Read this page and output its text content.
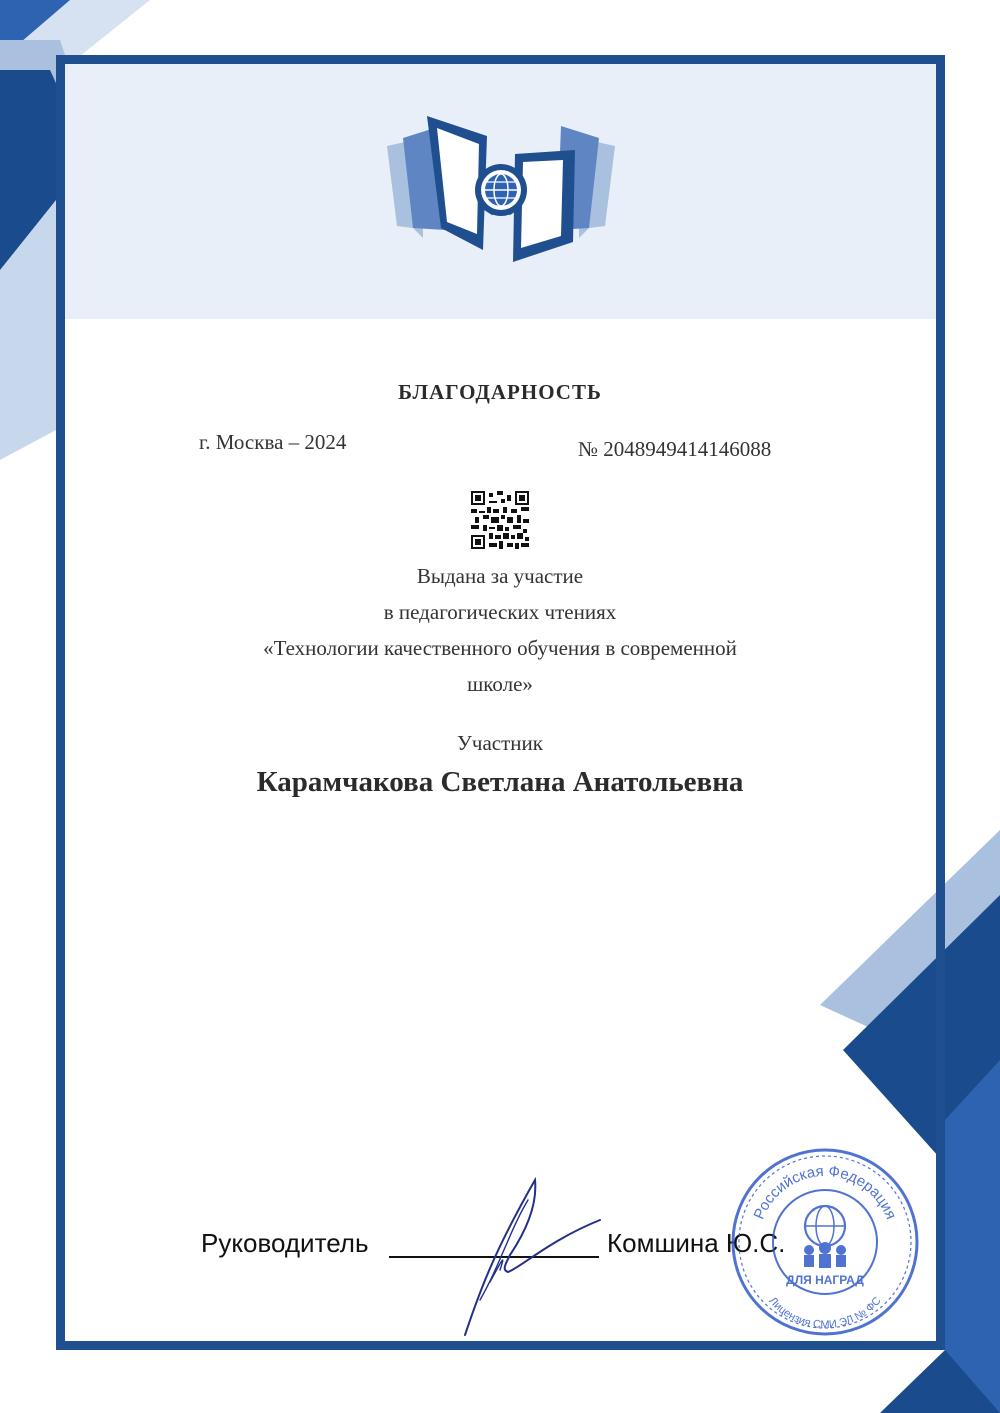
БЛАГОДАРНОСТЬ
г. Москва – 2024	№ 2048949414146088
Выдана за участие
в педагогических чтениях
«Технологии качественного обучения в современной
школе»
Участник
Карамчакова Светлана Анатольевна
Руководитель	Комшина Ю.С.
Российская Федерация
Лицензия СМИ ЭЛ № ФС
ДЛЯ НАГРАД
